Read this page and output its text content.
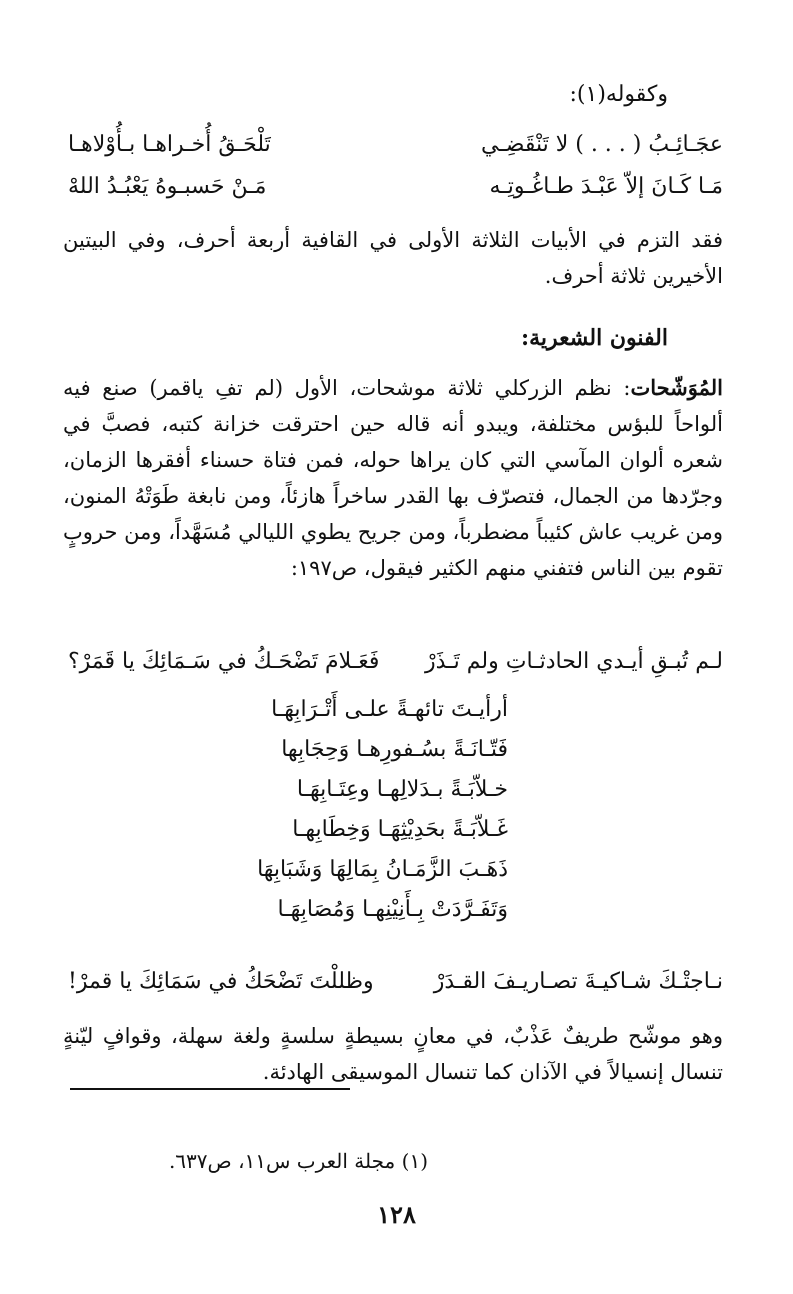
وكقوله(١):
عجَـائِـبُ ( . . . ) لا تَنْقَضِـي
تَلْحَـقُ أُخـراهـا بـأُوْلاهـا
مَـا كَـانَ إلاّ عَبْـدَ طـاغُـوتِـه
مَـنْ حَسبـوهُ يَعْبُـدُ اللهْ
فقد التزم في الأبيات الثلاثة الأولى في القافية أربعة أحرف، وفي البيتين الأخيرين ثلاثة أحرف.
الفنون الشعرية:
المُوَشّحات: نظم الزركلي ثلاثة موشحات، الأول (لم تفِ ياقمر) صنع فيه ألواحاً للبؤس مختلفة، ويبدو أنه قاله حين احترقت خزانة كتبه، فصبَّ في شعره ألوان المآسي التي كان يراها حوله، فمن فتاة حسناء أفقرها الزمان، وجرّدها من الجمال، فتصرّف بها القدر ساخراً هازئاً، ومن نابغة طَوَتْهُ المنون، ومن غريب عاش كئيباً مضطرباً، ومن جريح يطوي الليالي مُسَهَّداً، ومن حروبٍ تقوم بين الناس فتفني منهم الكثير فيقول، ص١٩٧:
لـم تُبـقِ أيـدي الحادثـاتِ ولم تَـذَرْ
فَعَـلامَ تَضْحَـكُ في سَـمَائِكَ يا قَمَرْ؟
أرأيـتَ تائهـةً علـى أَتْـرَابِهَـا
فَتّـانَـةً بسُـفورِهـا وَحِجَابِها
خـلاّبَـةً بـدَلالِهـا وعِتَـابِهَـا
غَـلاّبَـةً بحَدِيْثِهَـا وَخِطَابِهـا
ذَهَـبَ الزَّمَـانُ بِمَالِهَا وَشَبَابِهَا
وَتَفَـرَّدَتْ بِـأَنِيْنِهـا وَمُصَابِهَـا
نـاجتْـكَ شـاكيـةَ تصـاريـفَ القـدَرْ
وظللْتَ تَضْحَكُ في سَمَائِكَ يا قمرْ!
وهو موشّح طريفٌ عَذْبٌ، في معانٍ بسيطةٍ سلسةٍ ولغة سهلة، وقوافٍ ليّنةٍ تنسال إنسيالاً في الآذان كما تنسال الموسيقى الهادئة.
(١) مجلة العرب س١١، ص٦٣٧.
١٢٨
